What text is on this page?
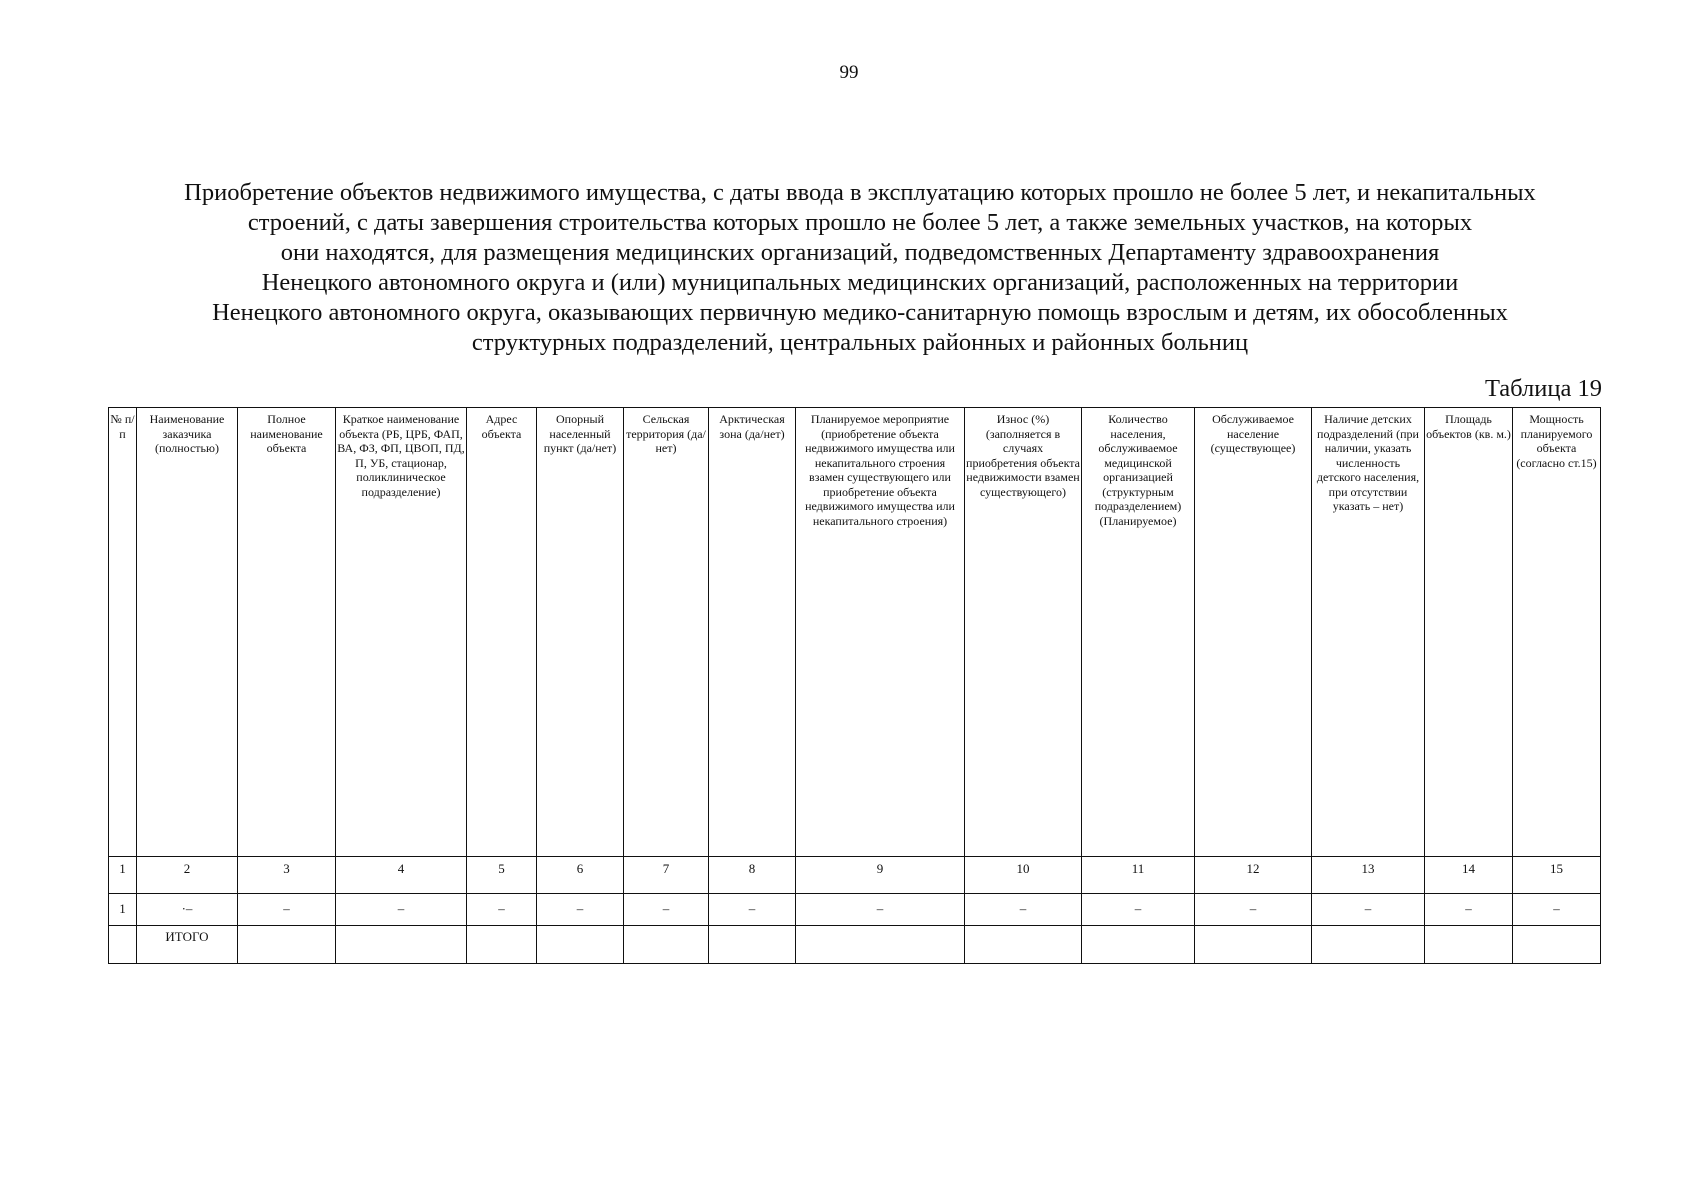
99
Приобретение объектов недвижимого имущества, с даты ввода в эксплуатацию которых прошло не более 5 лет, и некапитальных
строений, с даты завершения строительства которых прошло не более 5 лет, а также земельных участков, на которых
они находятся, для размещения медицинских организаций, подведомственных Департаменту здравоохранения
Ненецкого автономного округа и (или) муниципальных медицинских организаций, расположенных на территории
Ненецкого автономного округа, оказывающих первичную медико-санитарную помощь взрослым и детям, их обособленных
структурных подразделений, центральных районных и районных больниц
Таблица 19
№ п/п	Наименование заказчика (полностью)	Полное наименование объекта	Краткое наименование объекта (РБ, ЦРБ, ФАП, ВА, ФЗ, ФП, ЦВОП, ПД, П, УБ, стационар, поликлиническое подразделение)	Адрес объекта	Опорный населенный пункт (да/нет)	Сельская территория (да/нет)	Арктическая зона (да/нет)	Планируемое мероприятие (приобретение объекта недвижимого имущества или некапитального строения взамен существующего или приобретение объекта недвижимого имущества или некапитального строения)	Износ (%) (заполняется в случаях приобретения объекта недвижимости взамен существующего)	Количество населения, обслуживаемое медицинской организацией (структурным подразделением) (Планируемое)	Обслуживаемое население (существующее)	Наличие детских подразделений (при наличии, указать численность детского населения, при отсутствии указать – нет)	Площадь объектов (кв. м.)	Мощность планируемого объекта (согласно ст.15)
1	2	3	4	5	6	7	8	9	10	11	12	13	14	15
1	·–	–	–	–	–	–	–	–	–	–	–	–	–	–
	ИТОГО													
